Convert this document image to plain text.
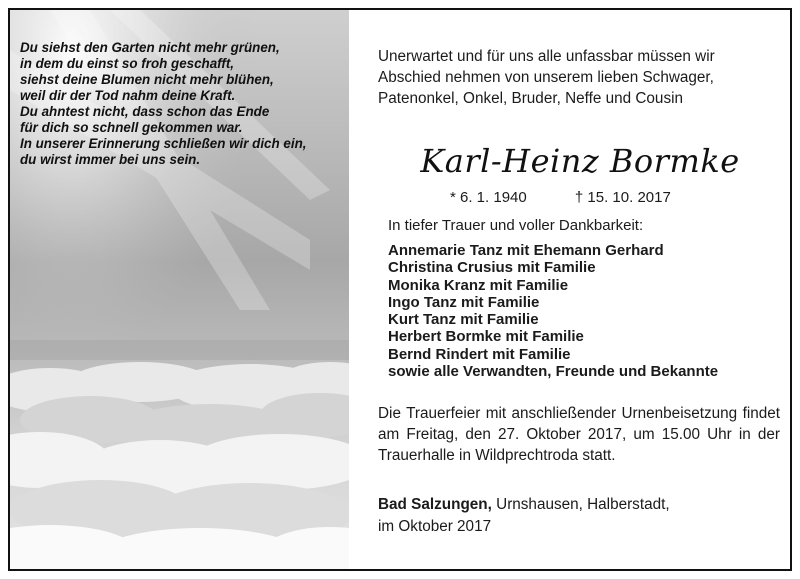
Du siehst den Garten nicht mehr grünen,
in dem du einst so froh geschafft,
siehst deine Blumen nicht mehr blühen,
weil dir der Tod nahm deine Kraft.
Du ahntest nicht, dass schon das Ende
für dich so schnell gekommen war.
In unserer Erinnerung schließen wir dich ein,
du wirst immer bei uns sein.

Unerwartet und für uns alle unfassbar müssen wir
Abschied nehmen von unserem lieben Schwager,
Patenonkel, Onkel, Bruder, Neffe und Cousin

Karl-Heinz Bormke
* 6. 1. 1940	† 15. 10. 2017
In tiefer Trauer und voller Dankbarkeit:
Annemarie Tanz mit Ehemann Gerhard
Christina Crusius mit Familie
Monika Kranz mit Familie
Ingo Tanz mit Familie
Kurt Tanz mit Familie
Herbert Bormke mit Familie
Bernd Rindert mit Familie
sowie alle Verwandten, Freunde und Bekannte

Die Trauerfeier mit anschließender Urnenbeisetzung findet am Freitag, den 27. Oktober 2017, um 15.00 Uhr in der Trauerhalle in Wildprechtroda statt.

Bad Salzungen, Urnshausen, Halberstadt,
im Oktober 2017
